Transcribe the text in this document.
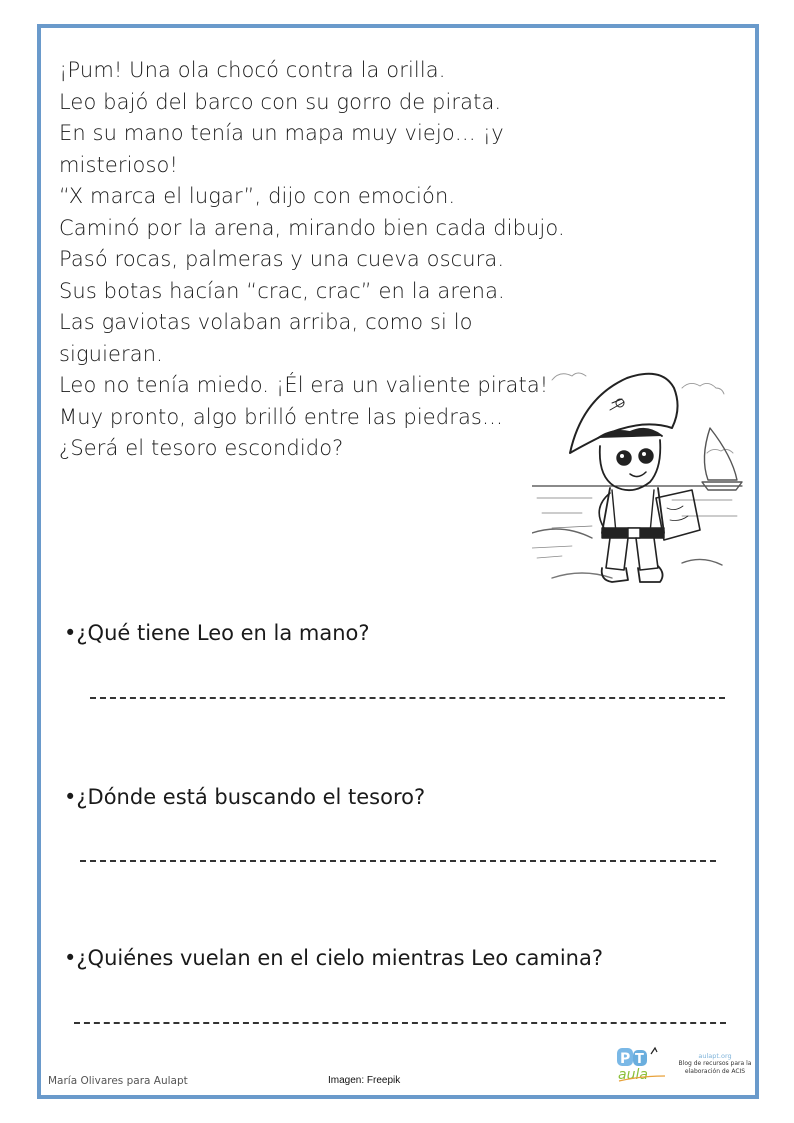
¡Pum! Una ola chocó contra la orilla.
Leo bajó del barco con su gorro de pirata.
En su mano tenía un mapa muy viejo… ¡y
misterioso!
“X marca el lugar”, dijo con emoción.
Caminó por la arena, mirando bien cada dibujo.
Pasó rocas, palmeras y una cueva oscura.
Sus botas hacían “crac, crac” en la arena.
Las gaviotas volaban arriba, como si lo
siguieran.
Leo no tenía miedo. ¡Él era un valiente pirata!
Muy pronto, algo brilló entre las piedras…
¿Será el tesoro escondido?
•¿Qué tiene Leo en la mano?
•¿Dónde está buscando el tesoro?
•¿Quiénes vuelan en el cielo mientras Leo camina?
María Olivares para Aulapt	Imagen: Freepik
P T
aula
aulapt.org
Blog de recursos para la
elaboración de ACIS
